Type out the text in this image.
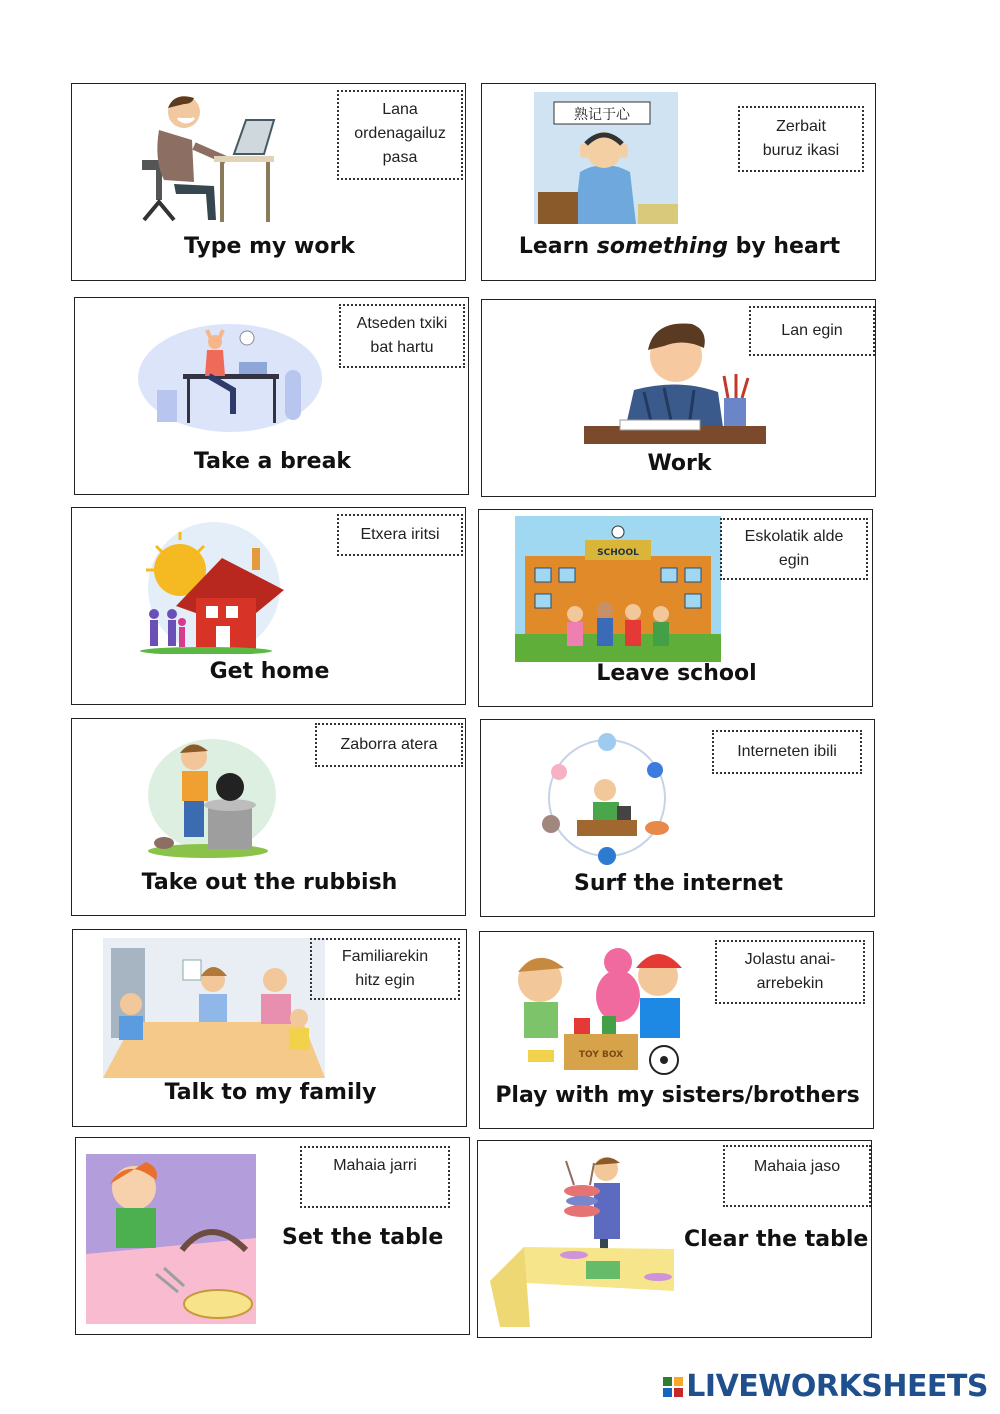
Lana
ordenagailuz
pasa
Type my work
熟记于心
Zerbait
buruz ikasi
Learn something by heart
Atseden txiki
bat hartu
Take a break
Lan egin
Work
Etxera iritsi
Get home
SCHOOL
Eskolatik alde
egin
Leave school
Zaborra atera
Take out the rubbish
Interneten ibili
Surf the internet
Familiarekin
hitz egin
Talk to my family
TOY BOX
Jolastu anai-
arrebekin
Play with my sisters/brothers
Mahaia jarri
Set the table
Mahaia jaso
Clear the table
LIVEWORKSHEETS
